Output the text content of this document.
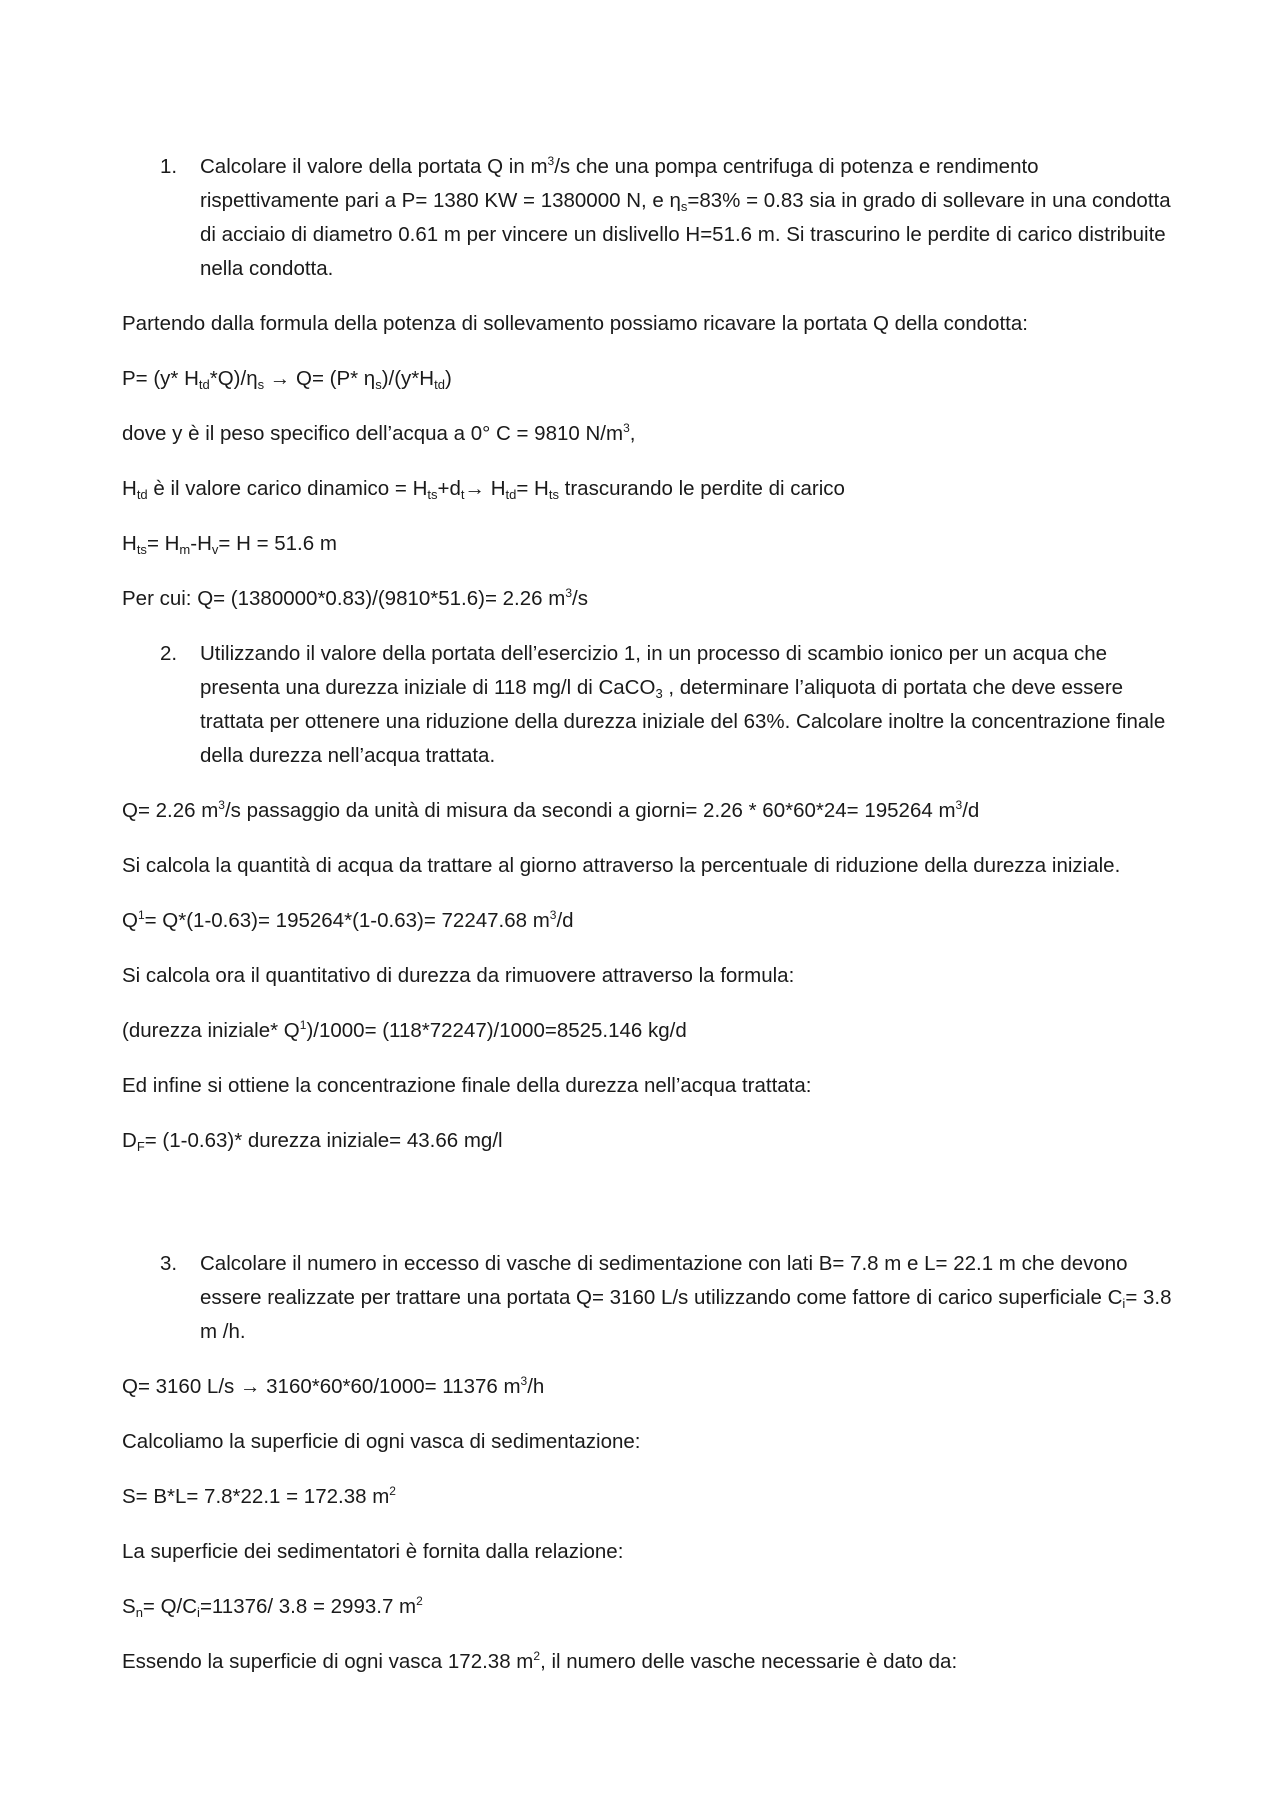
1. Calcolare il valore della portata Q in $m^3/s$ che una pompa centrifuga di potenza e rendimento rispettivamente pari a P= 1380 KW = 1380000 N, e $\eta_s=83\% = 0.83$ sia in grado di sollevare in una condotta di acciaio di diametro 0.61 m per vincere un dislivello H=51.6 m. Si trascurino le perdite di carico distribuite nella condotta.

Partendo dalla formula della potenza di sollevamento possiamo ricavare la portata Q della condotta:

P= (y* $H_{td}*Q)/\eta_s \to Q= (P*$ $\eta_s)/(y*H_{td})$

dove y è il peso specifico dell’acqua a 0° C = 9810 $N/m^3$,

$H_{td}$ è il valore carico dinamico = $H_{ts}+d_t\to H_{td}= H_{ts}$ trascurando le perdite di carico

$H_{ts}= H_m-H_v= H = 51.6$ m

Per cui: Q= (1380000*0.83)/(9810*51.6)= 2.26 $m^3/s$

2. Utilizzando il valore della portata dell’esercizio 1, in un processo di scambio ionico per un acqua che presenta una durezza iniziale di 118 mg/l di CaCO$_3$ , determinare l’aliquota di portata che deve essere trattata per ottenere una riduzione della durezza iniziale del 63%. Calcolare inoltre la concentrazione finale della durezza nell’acqua trattata.

Q= 2.26 $m^3/s$ passaggio da unità di misura da secondi a giorni= 2.26 * 60*60*24= 195264 $m^3/d$

Si calcola la quantità di acqua da trattare al giorno attraverso la percentuale di riduzione della durezza iniziale.

$Q^1= Q*(1-0.63)= 195264*(1-0.63)= 72247.68$ $m^3/d$

Si calcola ora il quantitativo di durezza da rimuovere attraverso la formula:

(durezza iniziale* $Q^1)/1000= (118*72247)/1000=8525.146$ kg/d

Ed infine si ottiene la concentrazione finale della durezza nell’acqua trattata:

$D_F= (1-0.63)*$ durezza iniziale= 43.66 mg/l

3. Calcolare il numero in eccesso di vasche di sedimentazione con lati B= 7.8 m e L= 22.1 m che devono essere realizzate per trattare una portata Q= 3160 L/s utilizzando come fattore di carico superficiale $C_i= 3.8$ m /h.

Q= 3160 L/s → 3160*60*60/1000= 11376 $m^3/h$

Calcoliamo la superficie di ogni vasca di sedimentazione:

S= B*L= 7.8*22.1 = 172.38 $m^2$

La superficie dei sedimentatori è fornita dalla relazione:

$S_n= Q/C_i=11376/$ 3.8 = 2993.7 $m^2$

Essendo la superficie di ogni vasca 172.38 $m^2$, il numero delle vasche necessarie è dato da:
